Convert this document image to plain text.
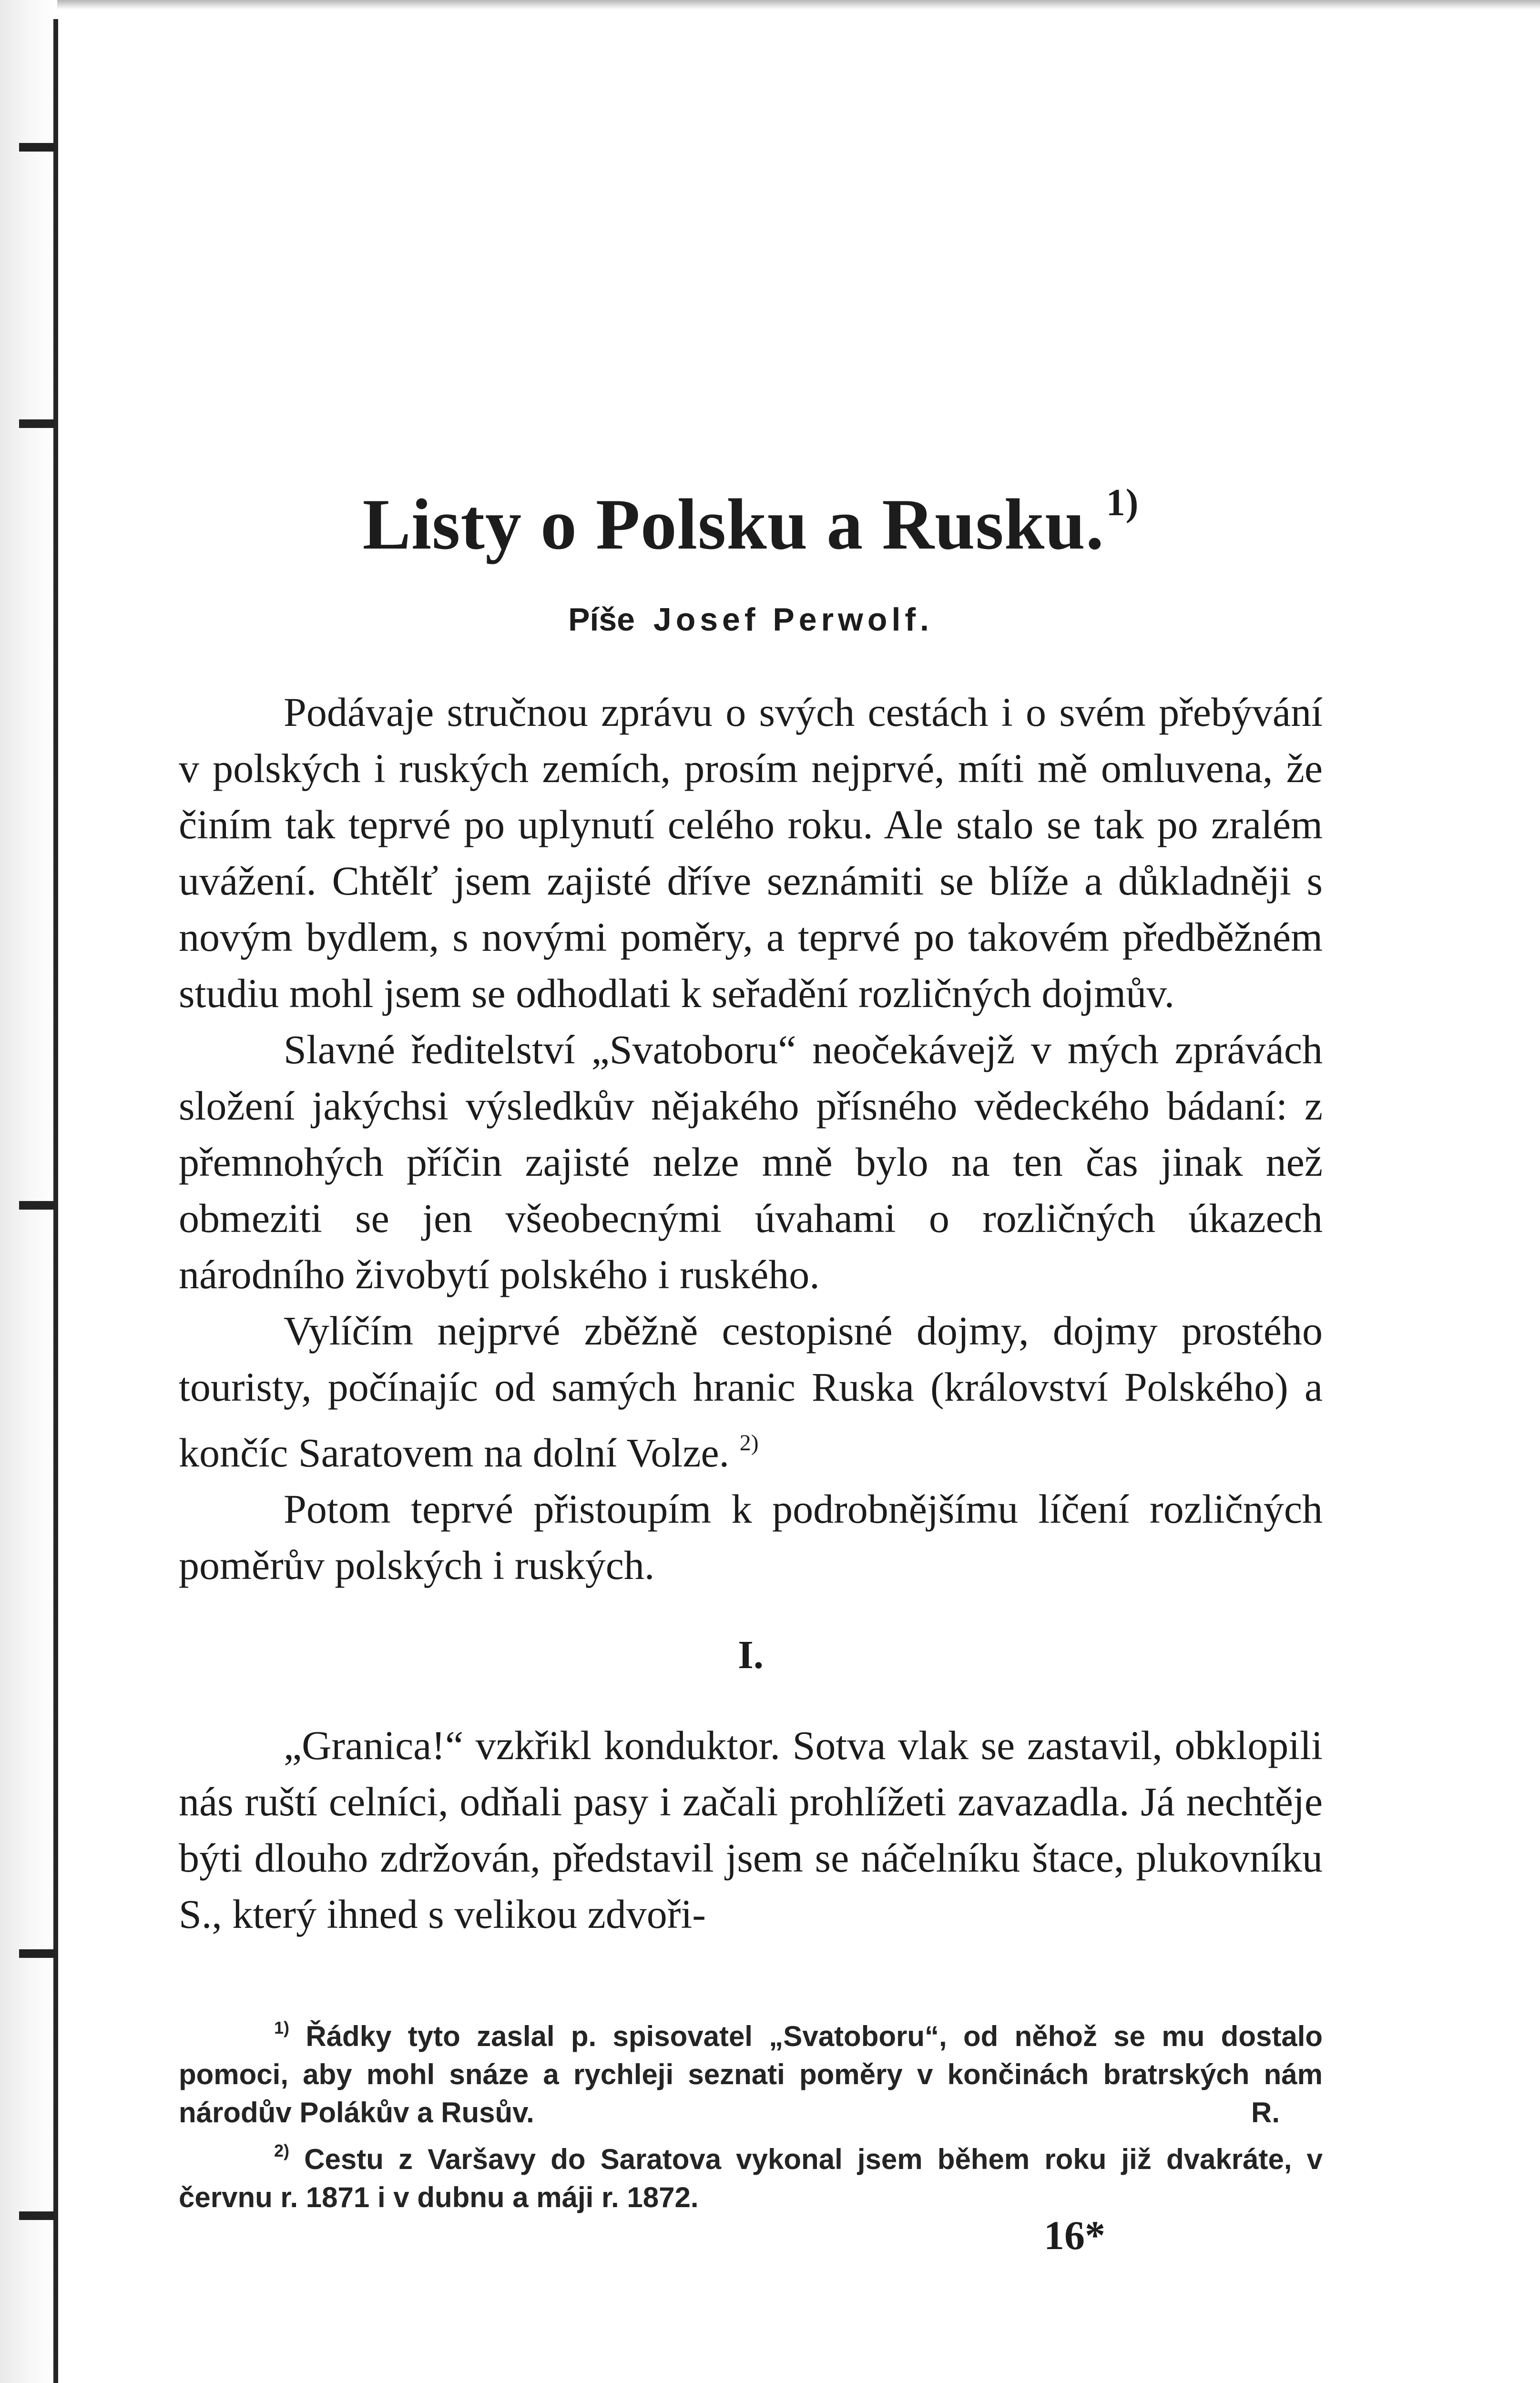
Listy o Polsku a Rusku.$^{1)}$
Píše Josef Perwolf.

Podávaje stručnou zprávu o svých cestách i o svém přebývání v polských i ruských zemích, prosím nejprvé, míti mě omluvena, že činím tak teprvé po uplynutí celého roku. Ale stalo se tak po zralém uvážení. Chtělť jsem zajisté dříve seznámiti se blíže a důkladněji s novým bydlem, s novými poměry, a teprvé po takovém předběžném studiu mohl jsem se odhodlati k seřadění rozličných dojmův.

Slavné ředitelství „Svatoboru“ neočekávejž v mých zprávách složení jakýchsi výsledkův nějakého přísného vědeckého bádaní: z přemnohých příčin zajisté nelze mně bylo na ten čas jinak než obmeziti se jen všeobecnými úvahami o rozličných úkazech národního živobytí polského i ruského.

Vylíčím nejprvé zběžně cestopisné dojmy, dojmy prostého touristy, počínajíc od samých hranic Ruska (království Polského) a končíc Saratovem na dolní Volze. $^{2)}$

Potom teprvé přistoupím k podrobnějšímu líčení rozličných poměrův polských i ruských.

I.

„Granica!“ vzkřikl konduktor. Sotva vlak se zastavil, obklopili nás ruští celníci, odňali pasy i začali prohlížeti zavazadla. Já nechtěje býti dlouho zdržován, představil jsem se náčelníku štace, plukovníku S., který ihned s velikou zdvoři-

$^{1)}$ Řádky tyto zaslal p. spisovatel „Svatoboru“, od něhož se mu dostalo pomoci, aby mohl snáze a rychleji seznati poměry v končinách bratrských nám národův Polákův a Rusův.	R.

$^{2)}$ Cestu z Varšavy do Saratova vykonal jsem během roku již dvakráte, v červnu r. 1871 i v dubnu a máji r. 1872.

16*
